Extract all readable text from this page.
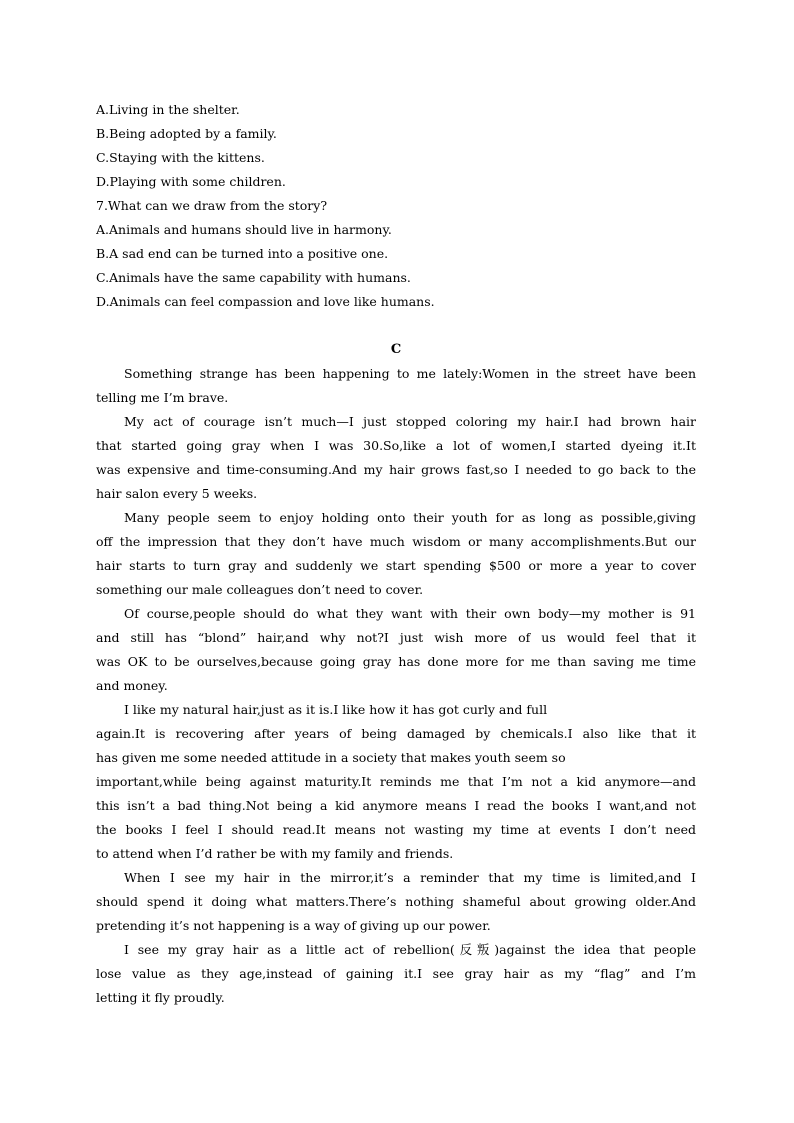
A.Living in the shelter.
B.Being adopted by a family.
C.Staying with the kittens.
D.Playing with some children.
7.What can we draw from the story?
A.Animals and humans should live in harmony.
B.A sad end can be turned into a positive one.
C.Animals have the same capability with humans.
D.Animals can feel compassion and love like humans.
C
Something strange has been happening to me lately:Women in the street have been
telling me I’m brave.
My act of courage isn’t much—I just stopped coloring my hair.I had brown hair
that started going gray when I was 30.So,like a lot of women,I started dyeing it.It
was expensive and time-consuming.And my hair grows fast,so I needed to go back to the
hair salon every 5 weeks.
Many people seem to enjoy holding onto their youth for as long as possible,giving
off the impression that they don’t have much wisdom or many accomplishments.But our
hair starts to turn gray and suddenly we start spending $500 or more a year to cover
something our male colleagues don’t need to cover.
Of course,people should do what they want with their own body—my mother is 91
and still has “blond” hair,and why not?I just wish more of us would feel that it
was OK to be ourselves,because going gray has done more for me than saving me time
and money.
I like my natural hair,just as it is.I like how it has got curly and full
again.It is recovering after years of being damaged by chemicals.I also like that it
has given me some needed attitude in a society that makes youth seem so
important,while being against maturity.It reminds me that I’m not a kid anymore—and
this isn’t a bad thing.Not being a kid anymore means I read the books I want,and not
the books I feel I should read.It means not wasting my time at events I don’t need
to attend when I’d rather be with my family and friends.
When I see my hair in the mirror,it’s a reminder that my time is limited,and I
should spend it doing what matters.There’s nothing shameful about growing older.And
pretending it’s not happening is a way of giving up our power.
I see my gray hair as a little act of rebellion(反叛)against the idea that people
lose value as they age,instead of gaining it.I see gray hair as my “flag” and I’m
letting it fly proudly.
